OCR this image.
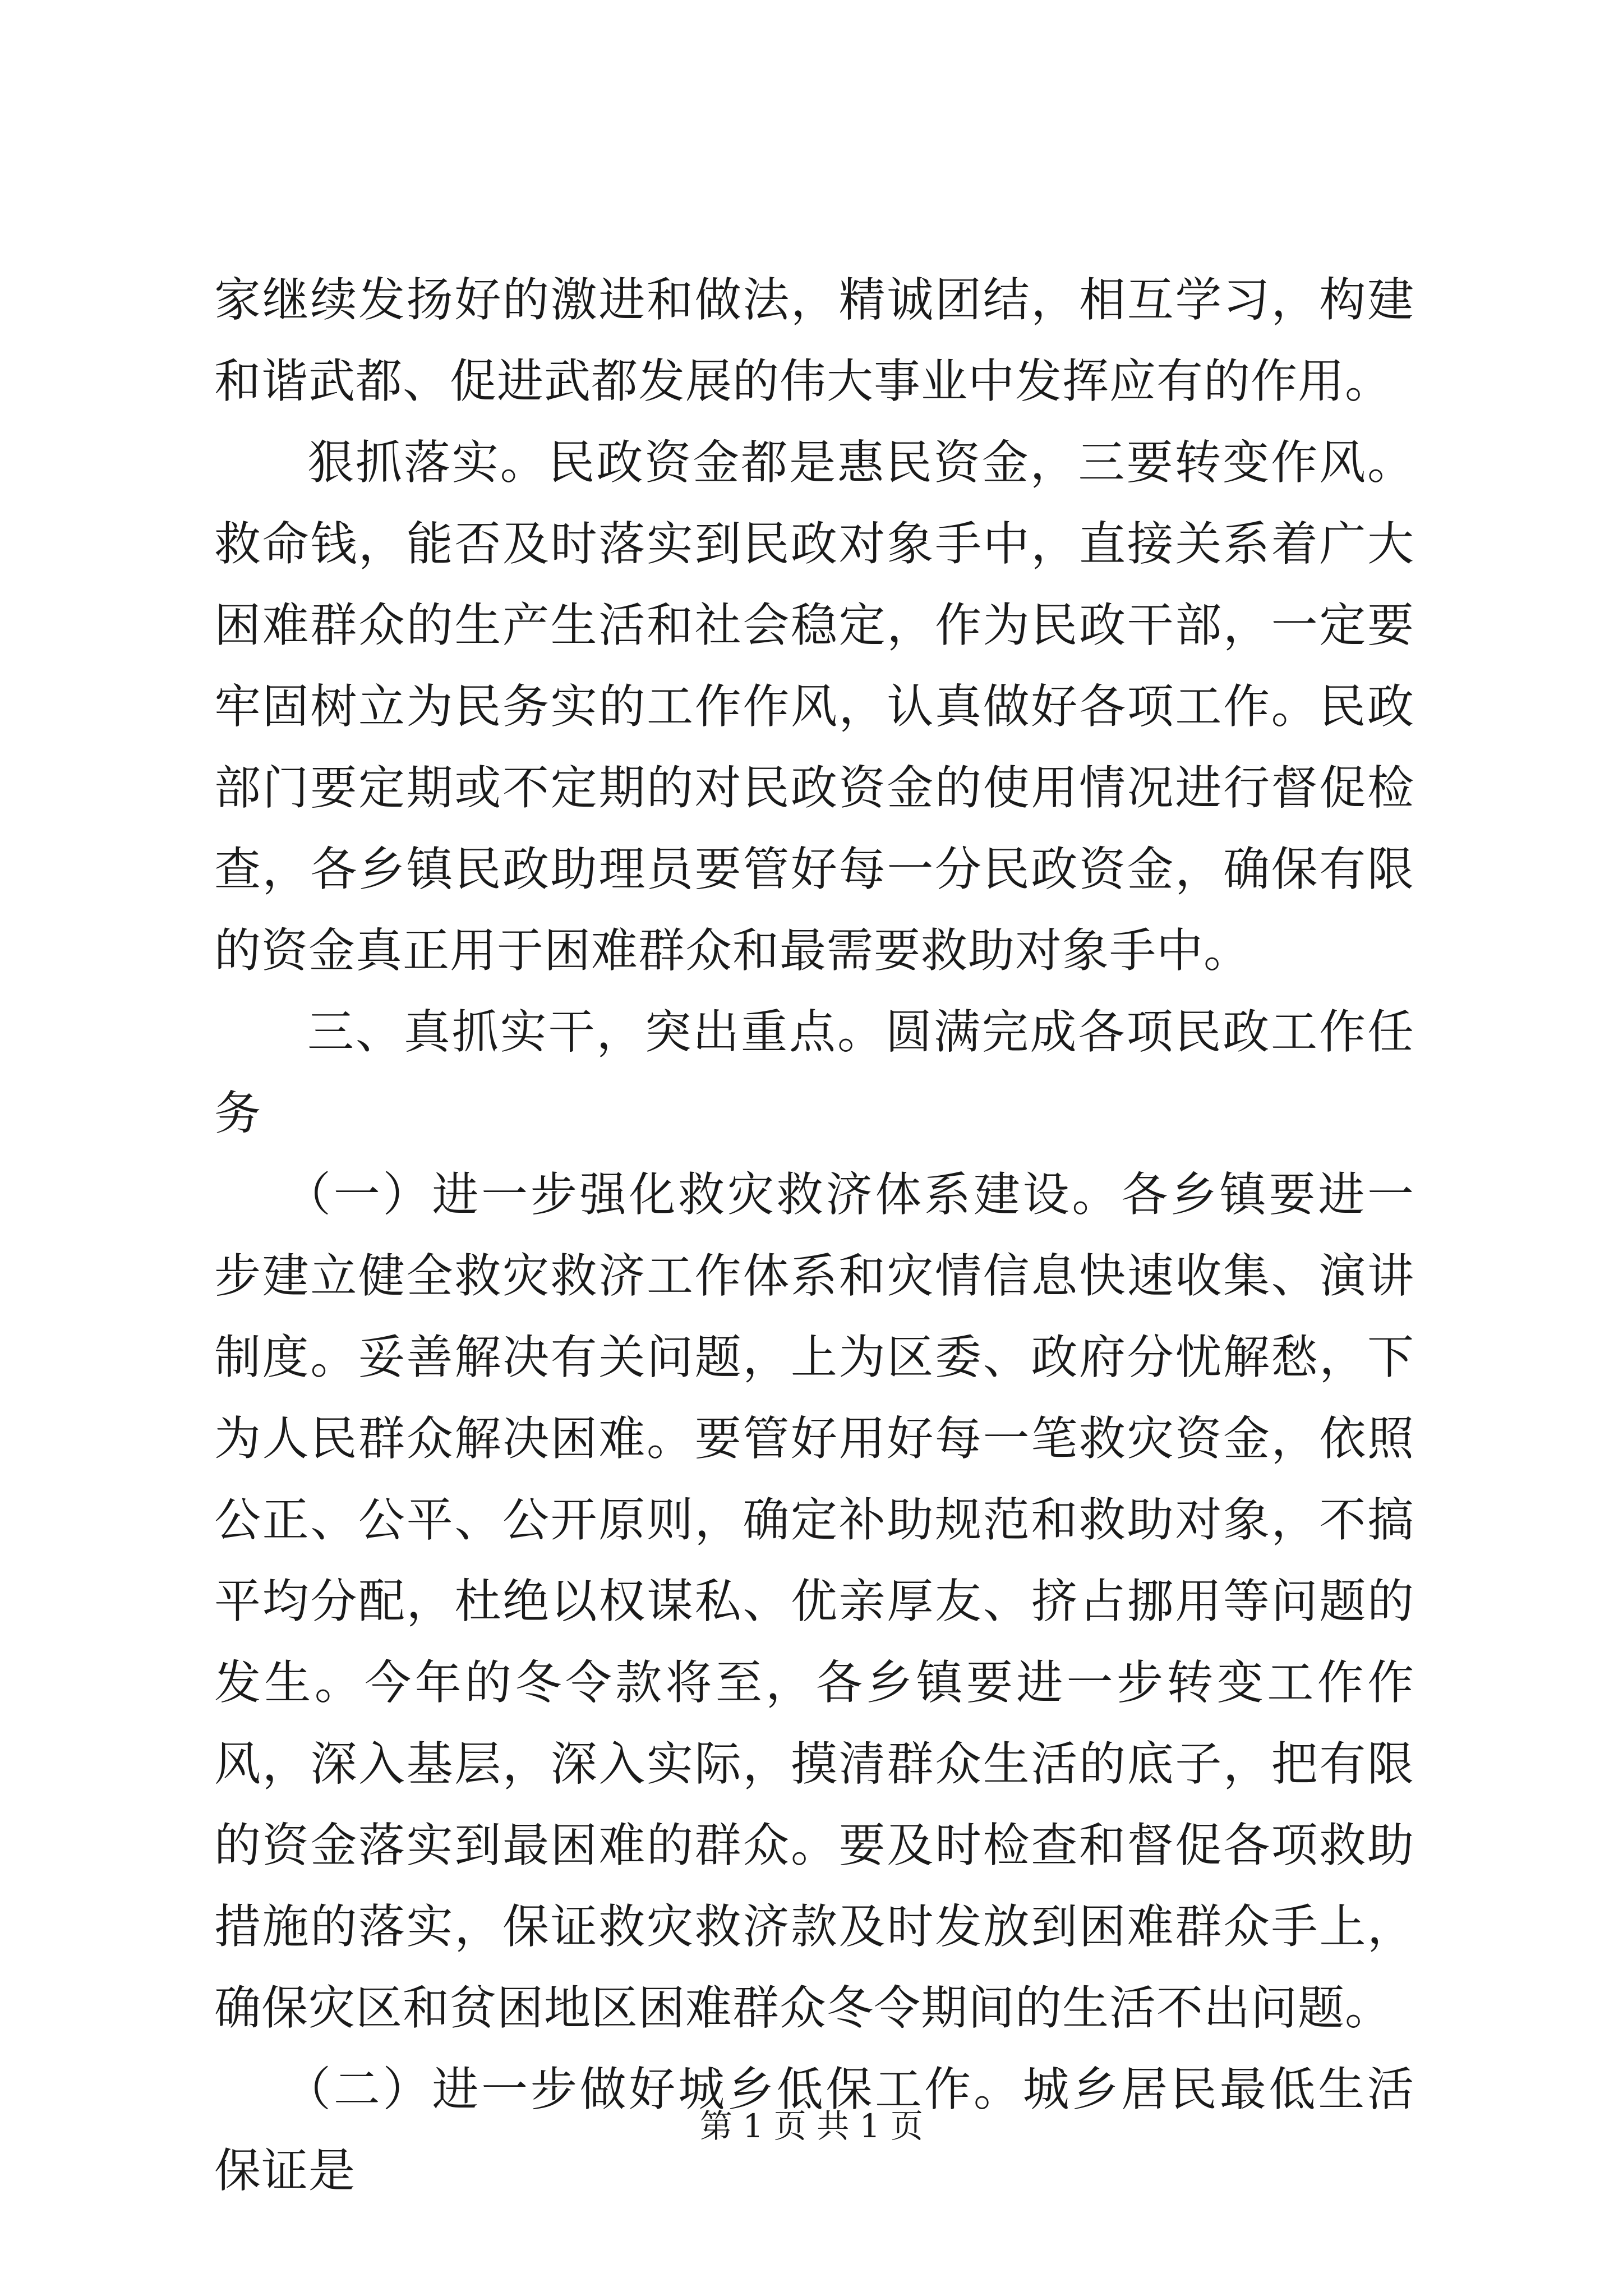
家继续发扬好的激进和做法，精诚团结，相互学习，构建和谐武都、促进武都发展的伟大事业中发挥应有的作用。

狠抓落实。民政资金都是惠民资金，三要转变作风。救命钱，能否及时落实到民政对象手中，直接关系着广大困难群众的生产生活和社会稳定，作为民政干部，一定要牢固树立为民务实的工作作风，认真做好各项工作。民政部门要定期或不定期的对民政资金的使用情况进行督促检查，各乡镇民政助理员要管好每一分民政资金，确保有限的资金真正用于困难群众和最需要救助对象手中。

三、真抓实干，突出重点。圆满完成各项民政工作任务

（一）进一步强化救灾救济体系建设。各乡镇要进一步建立健全救灾救济工作体系和灾情信息快速收集、演讲制度。妥善解决有关问题，上为区委、政府分忧解愁，下为人民群众解决困难。要管好用好每一笔救灾资金，依照公正、公平、公开原则，确定补助规范和救助对象，不搞平均分配，杜绝以权谋私、优亲厚友、挤占挪用等问题的发生。今年的冬令款将至，各乡镇要进一步转变工作作风，深入基层，深入实际，摸清群众生活的底子，把有限的资金落实到最困难的群众。要及时检查和督促各项救助措施的落实，保证救灾救济款及时发放到困难群众手上，确保灾区和贫困地区困难群众冬令期间的生活不出问题。

（二）进一步做好城乡低保工作。城乡居民最低生活保证是

第 1 页 共 1 页
